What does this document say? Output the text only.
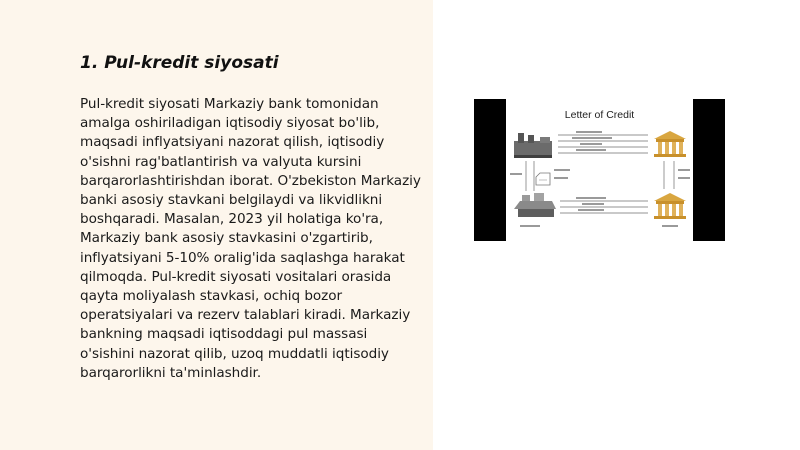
1. Pul-kredit siyosati

Pul-kredit siyosati Markaziy bank tomonidan amalga oshiriladigan iqtisodiy siyosat bo'lib, maqsadi inflyatsiyani nazorat qilish, iqtisodiy o'sishni rag'batlantirish va valyuta kursini barqarorlashtirishdan iborat. O'zbekiston Markaziy banki asosiy stavkani belgilaydi va likvidlikni boshqaradi. Masalan, 2023 yil holatiga ko'ra, Markaziy bank asosiy stavkasini o'zgartirib, inflyatsiyani 5-10% oralig'ida saqlashga harakat qilmoqda. Pul-kredit siyosati vositalari orasida qayta moliyalash stavkasi, ochiq bozor operatsiyalari va rezerv talablari kiradi. Markaziy bankning maqsadi iqtisoddagi pul massasi o'sishini nazorat qilib, uzoq muddatli iqtisodiy barqarorlikni ta'minlashdir.

Letter of Credit
